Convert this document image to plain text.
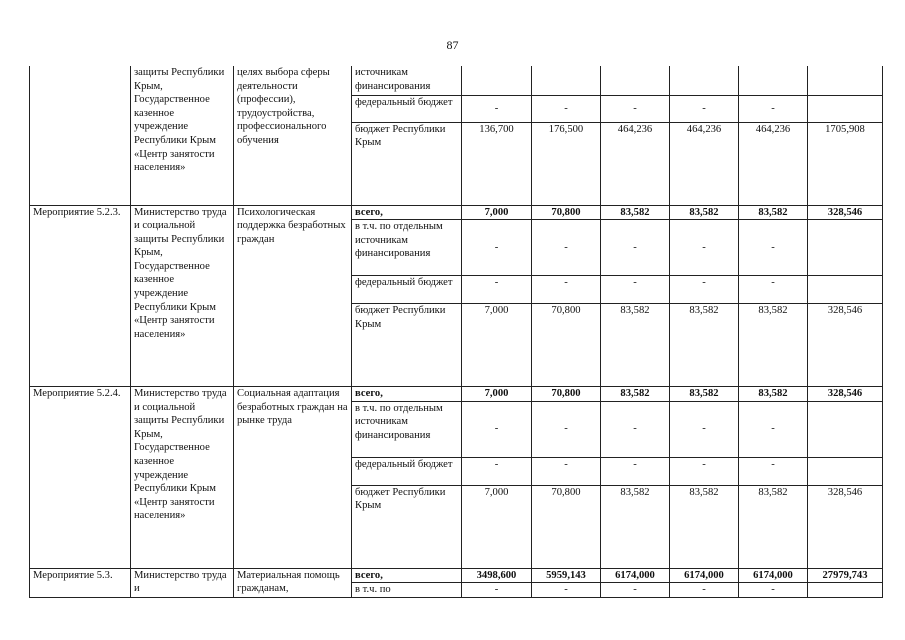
87
	защиты Республики Крым, Государственное казенное учреждение Республики Крым «Центр занятости населения»	целях выбора сферы деятельности (профессии), трудоустройства, профессионального обучения	источникам финансирования						
			федеральный бюджет	-	-	-	-	-	
			бюджет Республики Крым	136,700	176,500	464,236	464,236	464,236	1705,908
Мероприятие 5.2.3.	Министерство труда и социальной защиты Республики Крым, Государственное казенное учреждение Республики Крым «Центр занятости населения»	Психологическая поддержка безработных граждан	всего,	7,000	70,800	83,582	83,582	83,582	328,546
			в т.ч. по отдельным источникам финансирования	-	-	-	-	-	
			федеральный бюджет	-	-	-	-	-	
			бюджет Республики Крым	7,000	70,800	83,582	83,582	83,582	328,546
Мероприятие 5.2.4.	Министерство труда и социальной защиты Республики Крым, Государственное казенное учреждение Республики Крым «Центр занятости населения»	Социальная адаптация безработных граждан на рынке труда	всего,	7,000	70,800	83,582	83,582	83,582	328,546
			в т.ч. по отдельным источникам финансирования	-	-	-	-	-	
			федеральный бюджет	-	-	-	-	-	
			бюджет Республики Крым	7,000	70,800	83,582	83,582	83,582	328,546
Мероприятие 5.3.	Министерство труда и	Материальная помощь гражданам,	всего,	3498,600	5959,143	6174,000	6174,000	6174,000	27979,743
			в т.ч. по	-	-	-	-	-	
